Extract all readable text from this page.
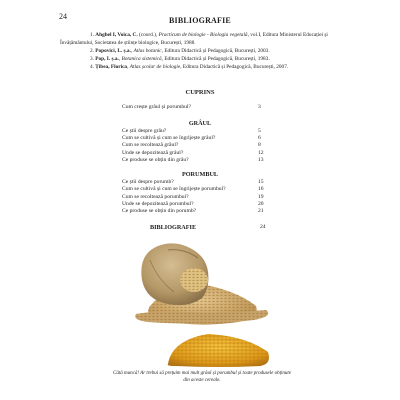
24	BIBLIOGRAFIE

1. Ahghel I, Voica, C. (coord.), Practicum de biologie - Biologia vegetală, vol.I, Editura Ministerul Educației și Învățământului, Societatea de științe biologice, București, 1988.

2. Popovici, L. ș.a., Atlas botanic, Editura Didactică și Pedagogică, București, 2003.

3. Pop, I. ș.a., Botanica sistemică, Editura Didactică și Pedagogică, București, 1983.

4. Țibea, Florica, Atlas școlar de biologie, Editura Didactică și Pedagogică, București, 2007.

CUPRINS
Cum crește grâul și porumbul?	3
GRÂUL
Ce știi despre grâu?	5
Cum se cultivă și cum se îngrijește grâul?	6
Cum se recoltează grâul?	8
Unde se depozitează grâul?	12
Ce produse se obțin din grâu?	13
PORUMBUL
Ce știi despre porumb?	15
Cum se cultivă și cum se îngrijește porumbul?	16
Cum se recoltează porumbul?	19
Unde se depozitează porumbul?	20
Ce produse se obțin din porumb?	21
BIBLIOGRAFIE	24
Câtă muncă! Ar trebui să prețuim mai mult grâul și porumbul și toate produsele obținute din aceste cereale.
